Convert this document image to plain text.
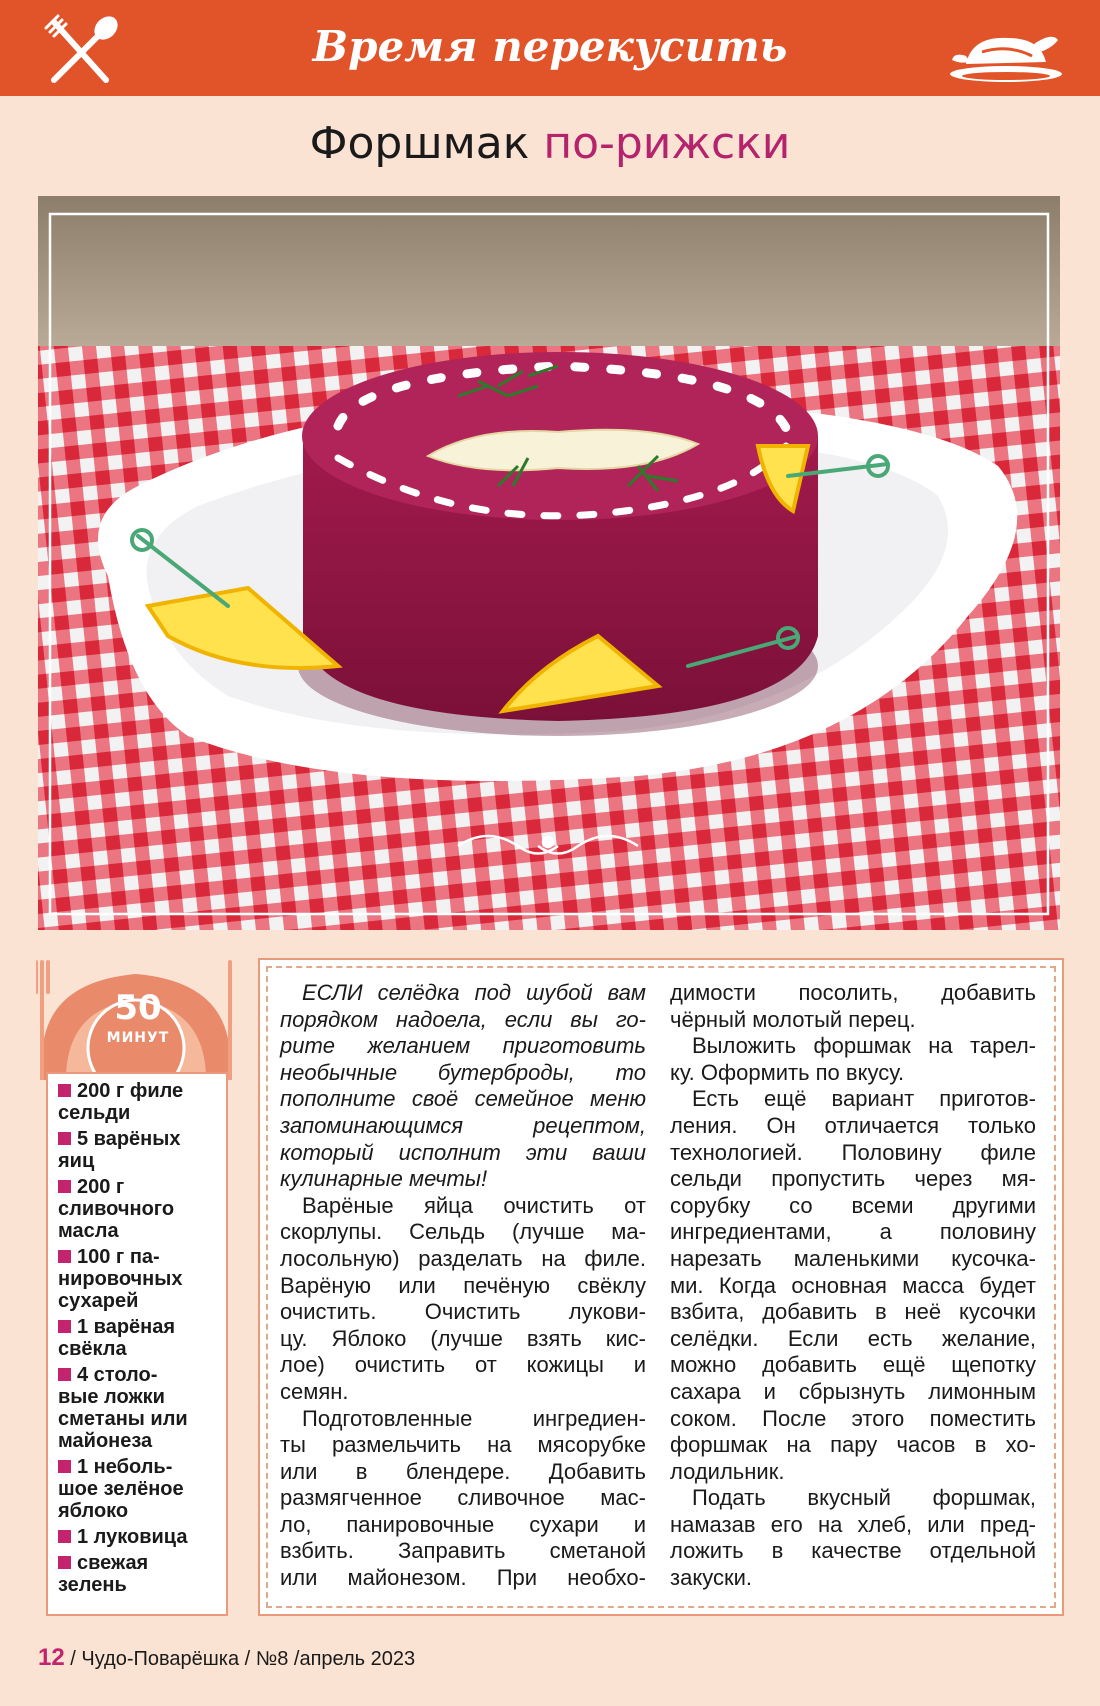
Время перекусить
Форшмак по-рижски
50
МИНУТ
200 г филе
сельди
5 варёных
яиц
200 г
сливочного
масла
100 г па-
нировочных
сухарей
1 варёная
свёкла
4 столо-
вые ложки
сметаны или
майонеза
1 неболь-
шое зелёное
яблоко
1 луковица
свежая
зелень
ЕСЛИ селёдка под шубой вам
порядком надоела, если вы го-
рите желанием приготовить
необычные бутерброды, то
пополните своё семейное меню
запоминающимся рецептом,
который исполнит эти ваши
кулинарные мечты!
Варёные яйца очистить от
скорлупы. Сельдь (лучше ма-
лосольную) разделать на филе.
Варёную или печёную свёклу
очистить. Очистить лукови-
цу. Яблоко (лучше взять кис-
лое) очистить от кожицы и
семян.
Подготовленные ингредиен-
ты размельчить на мясорубке
или в блендере. Добавить
размягченное сливочное мас-
ло, панировочные сухари и
взбить. Заправить сметаной
или майонезом. При необхо-
димости посолить, добавить
чёрный молотый перец.
Выложить форшмак на тарел-
ку. Оформить по вкусу.
Есть ещё вариант приготов-
ления. Он отличается только
технологией. Половину филе
сельди пропустить через мя-
сорубку со всеми другими
ингредиентами, а половину
нарезать маленькими кусочка-
ми. Когда основная масса будет
взбита, добавить в неё кусочки
селёдки. Если есть желание,
можно добавить ещё щепотку
сахара и сбрызнуть лимонным
соком. После этого поместить
форшмак на пару часов в хо-
лодильник.
Подать вкусный форшмак,
намазав его на хлеб, или пред-
ложить в качестве отдельной
закуски.
12 / Чудо-Поварёшка / №8 /апрель 2023
